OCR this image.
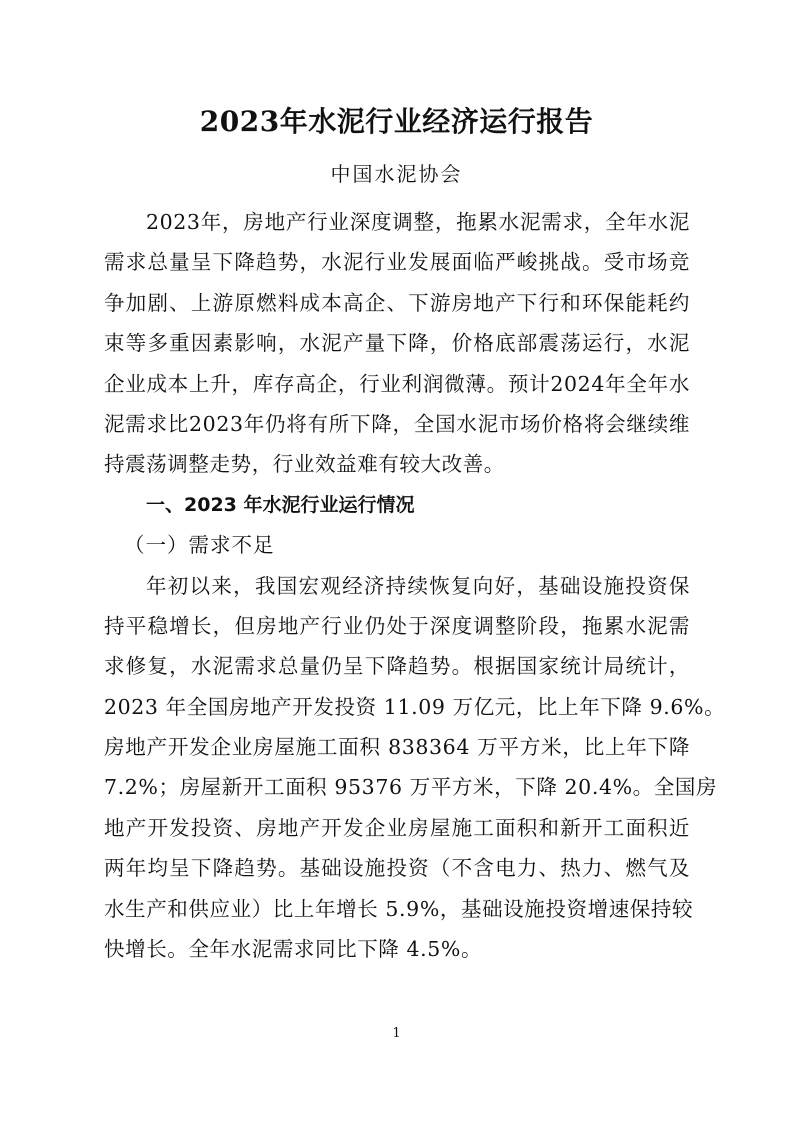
2023年水泥行业经济运行报告
中国水泥协会
2023年，房地产行业深度调整，拖累水泥需求，全年水泥
需求总量呈下降趋势，水泥行业发展面临严峻挑战。受市场竞
争加剧、上游原燃料成本高企、下游房地产下行和环保能耗约
束等多重因素影响，水泥产量下降，价格底部震荡运行，水泥
企业成本上升，库存高企，行业利润微薄。预计2024年全年水
泥需求比2023年仍将有所下降，全国水泥市场价格将会继续维
持震荡调整走势，行业效益难有较大改善。
一、2023 年水泥行业运行情况
（一）需求不足
年初以来，我国宏观经济持续恢复向好，基础设施投资保
持平稳增长，但房地产行业仍处于深度调整阶段，拖累水泥需
求修复，水泥需求总量仍呈下降趋势。根据国家统计局统计，
2023 年全国房地产开发投资 11.09 万亿元，比上年下降 9.6%。
房地产开发企业房屋施工面积 838364 万平方米，比上年下降
7.2%；房屋新开工面积 95376 万平方米，下降 20.4%。全国房
地产开发投资、房地产开发企业房屋施工面积和新开工面积近
两年均呈下降趋势。基础设施投资（不含电力、热力、燃气及
水生产和供应业）比上年增长 5.9%，基础设施投资增速保持较
快增长。全年水泥需求同比下降 4.5%。
1
